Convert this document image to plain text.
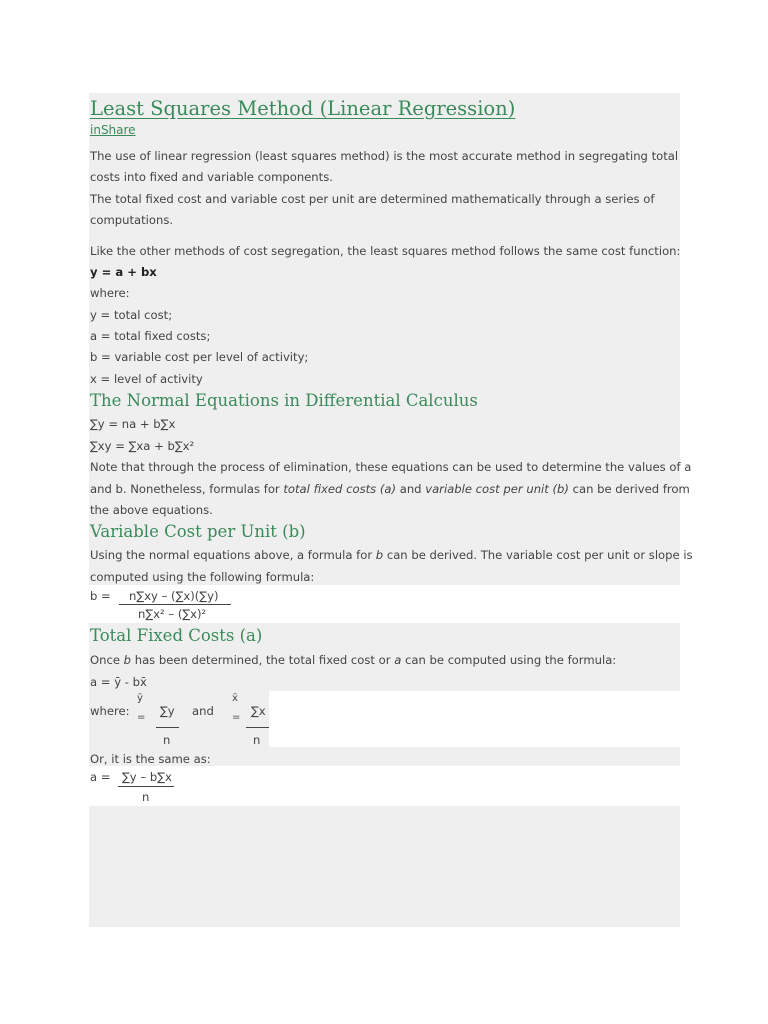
Least Squares Method (Linear Regression)
inShare
The use of linear regression (least squares method) is the most accurate method in segregating total
costs into fixed and variable components.
The total fixed cost and variable cost per unit are determined mathematically through a series of
computations.
Like the other methods of cost segregation, the least squares method follows the same cost function:
y = a + bx
where:
y = total cost;
a = total fixed costs;
b = variable cost per level of activity;
x = level of activity
The Normal Equations in Differential Calculus
∑y = na + b∑x
∑xy = ∑xa + b∑x²
Note that through the process of elimination, these equations can be used to determine the values of a
and b. Nonetheless, formulas for total fixed costs (a) and variable cost per unit (b) can be derived from
the above equations.
Variable Cost per Unit (b)
Using the normal equations above, a formula for b can be derived. The variable cost per unit or slope is
computed using the following formula:
b = n∑xy – (∑x)(∑y)
n∑x² – (∑x)²
Total Fixed Costs (a)
Once b has been determined, the total fixed cost or a can be computed using the formula:
a = ȳ - bx̄
where:
ȳ
= ∑y
n
and
x̄
= ∑x
n
Or, it is the same as:
a = ∑y – b∑x
n
